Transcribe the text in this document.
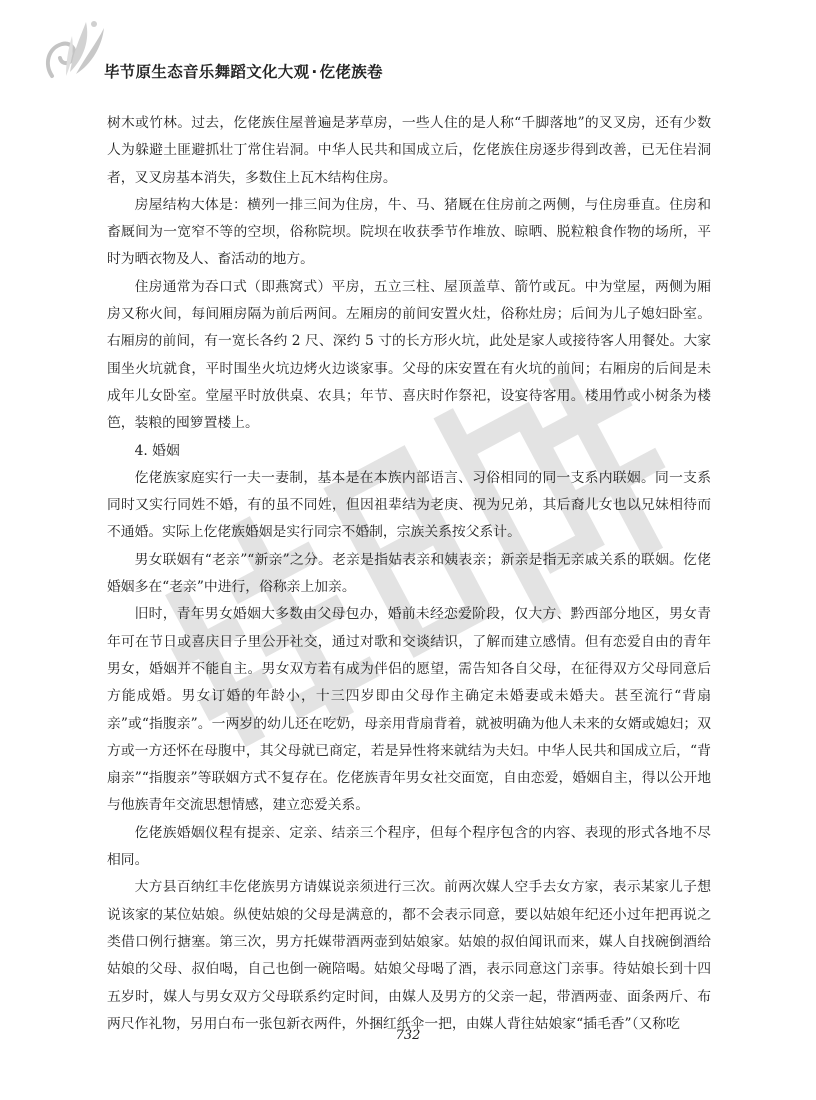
毕节原生态音乐舞蹈文化大观 · 仡佬族卷

树木或竹林。过去，仡佬族住屋普遍是茅草房，一些人住的是人称“千脚落地”的叉叉房，还有少数人为躲避土匪避抓壮丁常住岩洞。中华人民共和国成立后，仡佬族住房逐步得到改善，已无住岩洞者，叉叉房基本消失，多数住上瓦木结构住房。

房屋结构大体是：横列一排三间为住房，牛、马、猪厩在住房前之两侧，与住房垂直。住房和畜厩间为一宽窄不等的空坝，俗称院坝。院坝在收获季节作堆放、晾晒、脱粒粮食作物的场所，平时为晒衣物及人、畜活动的地方。

住房通常为吞口式（即燕窝式）平房，五立三柱、屋顶盖草、箭竹或瓦。中为堂屋，两侧为厢房又称火间，每间厢房隔为前后两间。左厢房的前间安置火灶，俗称灶房；后间为儿子媳妇卧室。右厢房的前间，有一宽长各约 2 尺、深约 5 寸的长方形火坑，此处是家人或接待客人用餐处。大家围坐火坑就食，平时围坐火坑边烤火边谈家事。父母的床安置在有火坑的前间；右厢房的后间是未成年儿女卧室。堂屋平时放供桌、农具；年节、喜庆时作祭祀，设宴待客用。楼用竹或小树条为楼笆，装粮的囤箩置楼上。

4. 婚姻

仡佬族家庭实行一夫一妻制，基本是在本族内部语言、习俗相同的同一支系内联姻。同一支系同时又实行同姓不婚，有的虽不同姓，但因祖辈结为老庚、视为兄弟，其后裔儿女也以兄妹相待而不通婚。实际上仡佬族婚姻是实行同宗不婚制，宗族关系按父系计。

男女联姻有“老亲”“新亲”之分。老亲是指姑表亲和姨表亲；新亲是指无亲戚关系的联姻。仡佬婚姻多在“老亲”中进行，俗称亲上加亲。

旧时，青年男女婚姻大多数由父母包办，婚前未经恋爱阶段，仅大方、黔西部分地区，男女青年可在节日或喜庆日子里公开社交，通过对歌和交谈结识，了解而建立感情。但有恋爱自由的青年男女，婚姻并不能自主。男女双方若有成为伴侣的愿望，需告知各自父母，在征得双方父母同意后方能成婚。男女订婚的年龄小，十三四岁即由父母作主确定未婚妻或未婚夫。甚至流行“背扇亲”或“指腹亲”。一两岁的幼儿还在吃奶，母亲用背扇背着，就被明确为他人未来的女婿或媳妇；双方或一方还怀在母腹中，其父母就已商定，若是异性将来就结为夫妇。中华人民共和国成立后，“背扇亲”“指腹亲”等联姻方式不复存在。仡佬族青年男女社交面宽，自由恋爱，婚姻自主，得以公开地与他族青年交流思想情感，建立恋爱关系。

仡佬族婚姻仪程有提亲、定亲、结亲三个程序，但每个程序包含的内容、表现的形式各地不尽相同。

大方县百纳红丰仡佬族男方请媒说亲须进行三次。前两次媒人空手去女方家，表示某家儿子想说该家的某位姑娘。纵使姑娘的父母是满意的，都不会表示同意，要以姑娘年纪还小过年把再说之类借口例行搪塞。第三次，男方托媒带酒两壶到姑娘家。姑娘的叔伯闻讯而来，媒人自找碗倒酒给姑娘的父母、叔伯喝，自己也倒一碗陪喝。姑娘父母喝了酒，表示同意这门亲事。待姑娘长到十四五岁时，媒人与男女双方父母联系约定时间，由媒人及男方的父亲一起，带酒两壶、面条两斤、布两尺作礼物，另用白布一张包新衣两件，外捆红纸伞一把，由媒人背往姑娘家“插毛香”（又称吃

732
